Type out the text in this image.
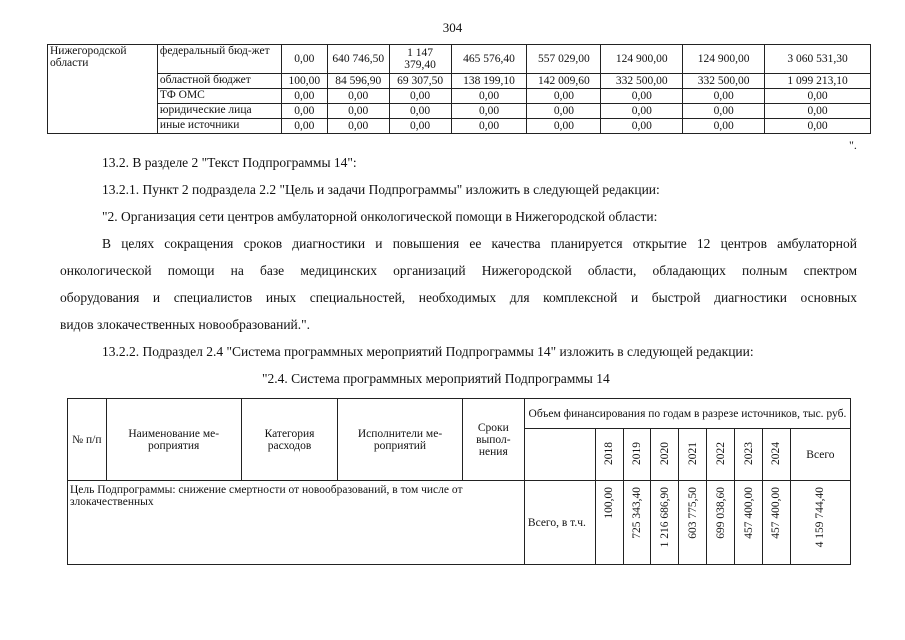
304
Нижегородской области	федеральный бюд-жет	0,00	640 746,50	1 147 379,40	465 576,40	557 029,00	124 900,00	124 900,00	3 060 531,30
	областной бюджет	100,00	84 596,90	69 307,50	138 199,10	142 009,60	332 500,00	332 500,00	1 099 213,10
	ТФ ОМС	0,00	0,00	0,00	0,00	0,00	0,00	0,00	0,00
	юридические лица	0,00	0,00	0,00	0,00	0,00	0,00	0,00	0,00
	иные источники	0,00	0,00	0,00	0,00	0,00	0,00	0,00	0,00
".
13.2. В разделе 2 "Текст Подпрограммы 14":
13.2.1. Пункт 2 подраздела 2.2 "Цель и задачи Подпрограммы" изложить в следующей редакции:
"2. Организация сети центров амбулаторной онкологической помощи в Нижегородской области:
В целях сокращения сроков диагностики и повышения ее качества планируется открытие 12 центров амбулаторной
онкологической помощи на базе медицинских организаций Нижегородской области, обладающих полным спектром
оборудования и специалистов иных специальностей, необходимых для комплексной и быстрой диагностики основных
видов злокачественных новообразований.".
13.2.2. Подраздел 2.4 "Система программных мероприятий Подпрограммы 14" изложить в следующей редакции:
"2.4. Система программных мероприятий Подпрограммы 14
№ п/п	Наименование ме-роприятия	Категория расходов	Исполнители ме-роприятий	Сроки выпол-нения	Объем финансирования по годам в разрезе источников, тыс. руб.								
						2018	2019	2020	2021	2022	2023	2024	Всего
Цель Подпрограммы: снижение смертности от новообразований, в том числе от злокачественных					Всего, в т.ч.	100,00	725 343,40	1 216 686,90	603 775,50	699 038,60	457 400,00	457 400,00	4 159 744,40
